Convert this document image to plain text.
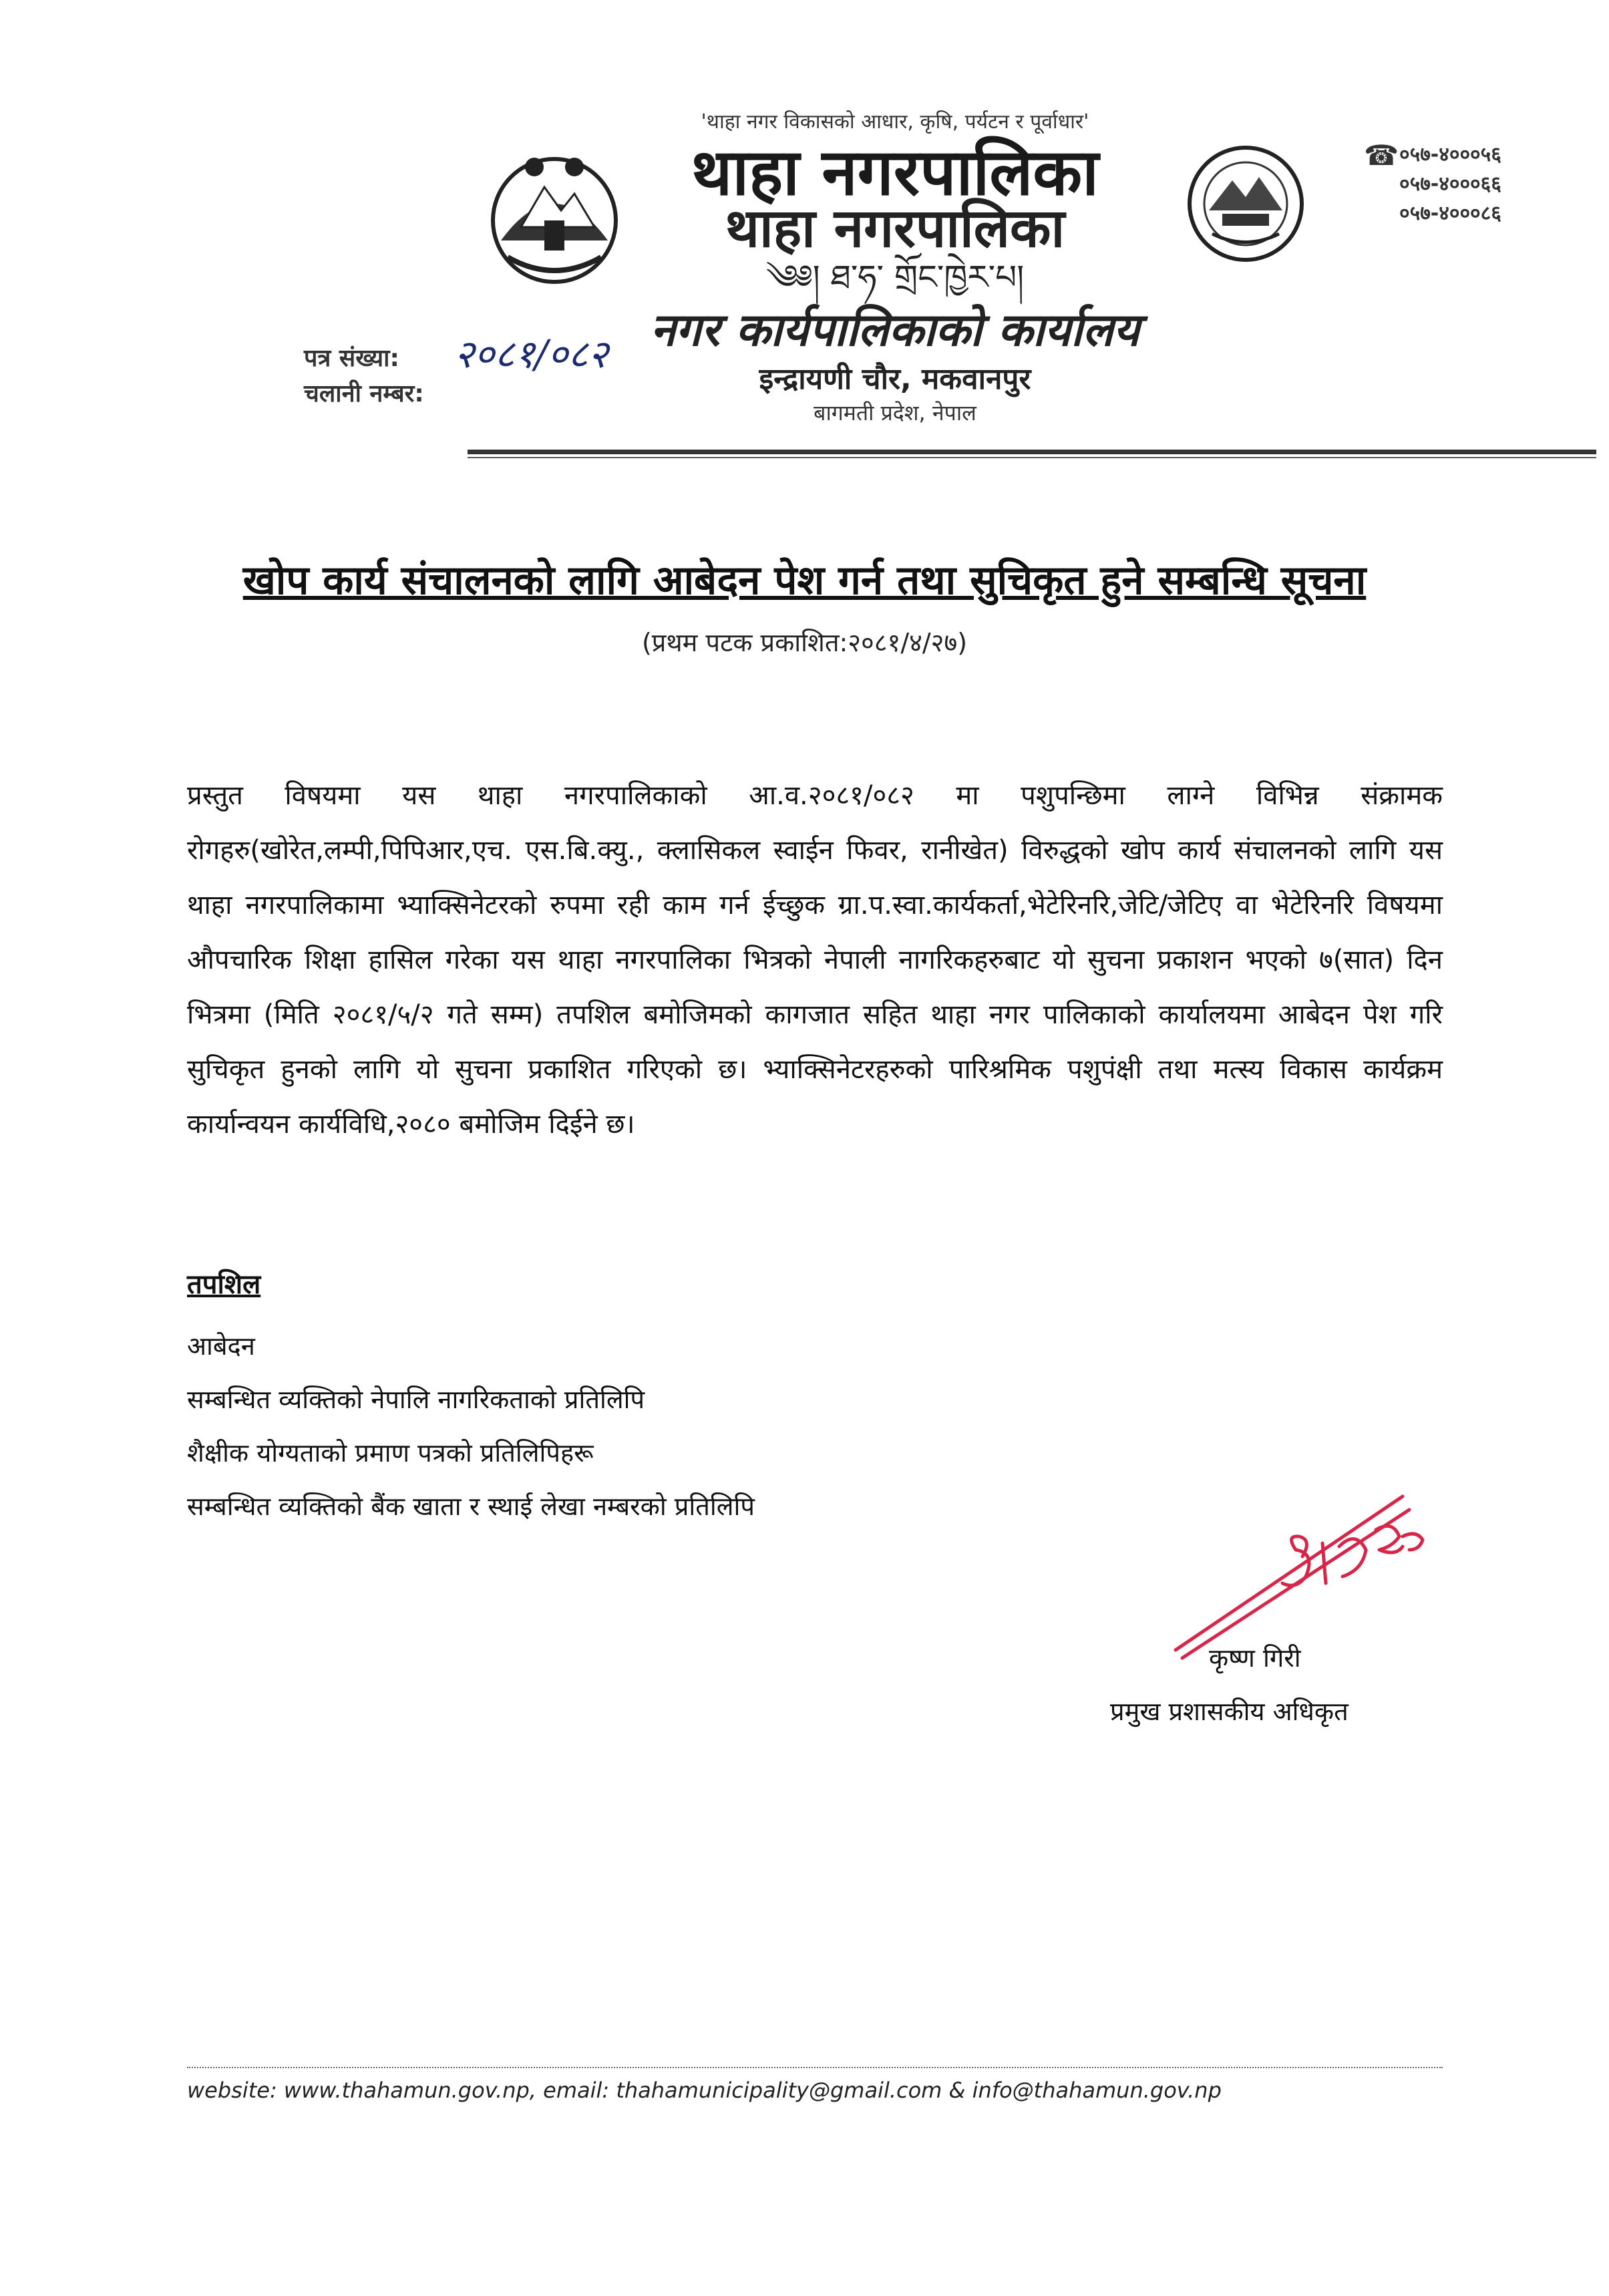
'थाहा नगर विकासको आधार, कृषि, पर्यटन र पूर्वाधार'
थाहा नगरपालिका
थाहा नगरपालिका
༄༅། ཐ་ཧ་ གྲོང་ཁྱེར་པ།
नगर कार्यपालिकाको कार्यालय
इन्द्रायणी चौर, मकवानपुर
बागमती प्रदेश, नेपाल
☎ ०५७-४०००५६
०५७-४०००६६
०५७-४०००८६
पत्र संख्या: २०८१/०८२
चलानी नम्बर:
खोप कार्य संचालनको लागि आबेदन पेश गर्न तथा सुचिकृत हुने सम्बन्धि सूचना
(प्रथम पटक प्रकाशित:२०८१/४/२७)
प्रस्तुत विषयमा यस थाहा नगरपालिकाको आ.व.२०८१/०८२ मा पशुपन्छिमा लाग्ने विभिन्न संक्रामक रोगहरु(खोरेत,लम्पी,पिपिआर,एच. एस.बि.क्यु., क्लासिकल स्वाईन फिवर, रानीखेत) विरुद्धको खोप कार्य संचालनको लागि यस थाहा नगरपालिकामा भ्याक्सिनेटरको रुपमा रही काम गर्न ईच्छुक ग्रा.प.स्वा.कार्यकर्ता,भेटेरिनरि,जेटि/जेटिए वा भेटेरिनरि विषयमा औपचारिक शिक्षा हासिल गरेका यस थाहा नगरपालिका भित्रको नेपाली नागरिकहरुबाट यो सुचना प्रकाशन भएको ७(सात) दिन भित्रमा (मिति २०८१/५/२ गते सम्म) तपशिल बमोजिमको कागजात सहित थाहा नगर पालिकाको कार्यालयमा आबेदन पेश गरि सुचिकृत हुनको लागि यो सुचना प्रकाशित गरिएको छ। भ्याक्सिनेटरहरुको पारिश्रमिक पशुपंक्षी तथा मत्स्य विकास कार्यक्रम कार्यान्वयन कार्यविधि,२०८० बमोजिम दिईने छ।
तपशिल
आबेदन
सम्बन्धित व्यक्तिको नेपालि नागरिकताको प्रतिलिपि
शैक्षीक योग्यताको प्रमाण पत्रको प्रतिलिपिहरू
सम्बन्धित व्यक्तिको बैंक खाता र स्थाई लेखा नम्बरको प्रतिलिपि
कृष्ण गिरी
प्रमुख प्रशासकीय अधिकृत
website: www.thahamun.gov.np, email: thahamunicipality@gmail.com & info@thahamun.gov.np
